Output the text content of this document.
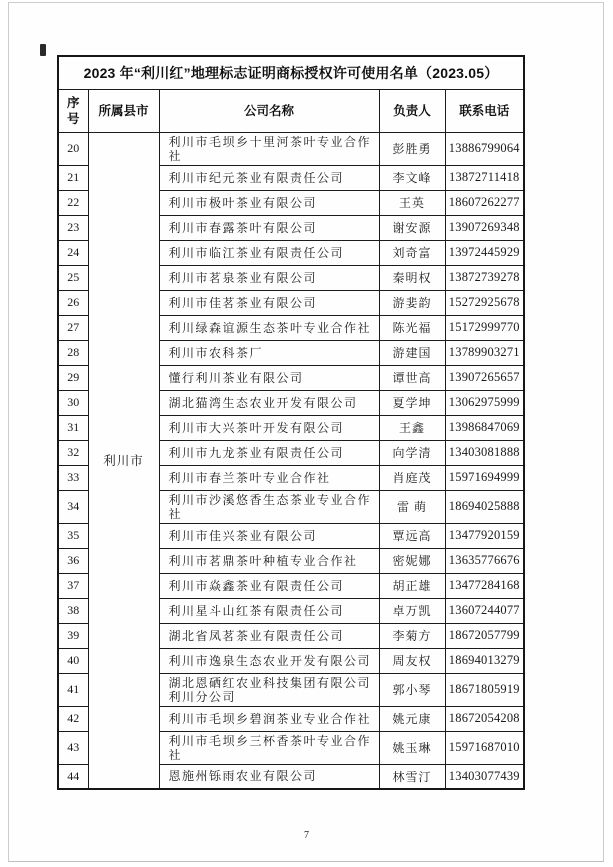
2023 年“利川红”地理标志证明商标授权许可使用名单（2023.05）				
序号	所属县市	公司名称	负责人	联系电话
20	利川市	利川市毛坝乡十里河茶叶专业合作社	彭胜勇	13886799064
21		利川市纪元茶业有限责任公司	李文峰	13872711418
22		利川市极叶茶业有限公司	王英	18607262277
23		利川市春露茶叶有限公司	谢安源	13907269348
24		利川市临江茶业有限责任公司	刘奇富	13972445929
25		利川市茗泉茶业有限公司	秦明权	13872739278
26		利川市佳茗茶业有限公司	游婓韵	15272925678
27		利川绿森谊源生态茶叶专业合作社	陈光福	15172999770
28		利川市农科茶厂	游建国	13789903271
29		懂行利川茶业有限公司	谭世高	13907265657
30		湖北猫湾生态农业开发有限公司	夏学坤	13062975999
31		利川市大兴茶叶开发有限公司	王鑫	13986847069
32		利川市九龙茶业有限责任公司	向学清	13403081888
33		利川市春兰茶叶专业合作社	肖庭茂	15971694999
34		利川市沙溪悠香生态茶业专业合作社	雷 萌	18694025888
35		利川市佳兴茶业有限公司	覃远高	13477920159
36		利川市茗鼎茶叶种植专业合作社	密妮娜	13635776676
37		利川市焱鑫茶业有限责任公司	胡正雄	13477284168
38		利川星斗山红茶有限责任公司	卓万凯	13607244077
39		湖北省凤茗茶业有限责任公司	李菊方	18672057799
40		利川市逸泉生态农业开发有限公司	周友权	18694013279
41		湖北恩硒红农业科技集团有限公司利川分公司	郭小琴	18671805919
42		利川市毛坝乡碧润茶业专业合作社	姚元康	18672054208
43		利川市毛坝乡三杯香茶叶专业合作社	姚玉琳	15971687010
44		恩施州铄雨农业有限公司	林雪汀	13403077439
7
